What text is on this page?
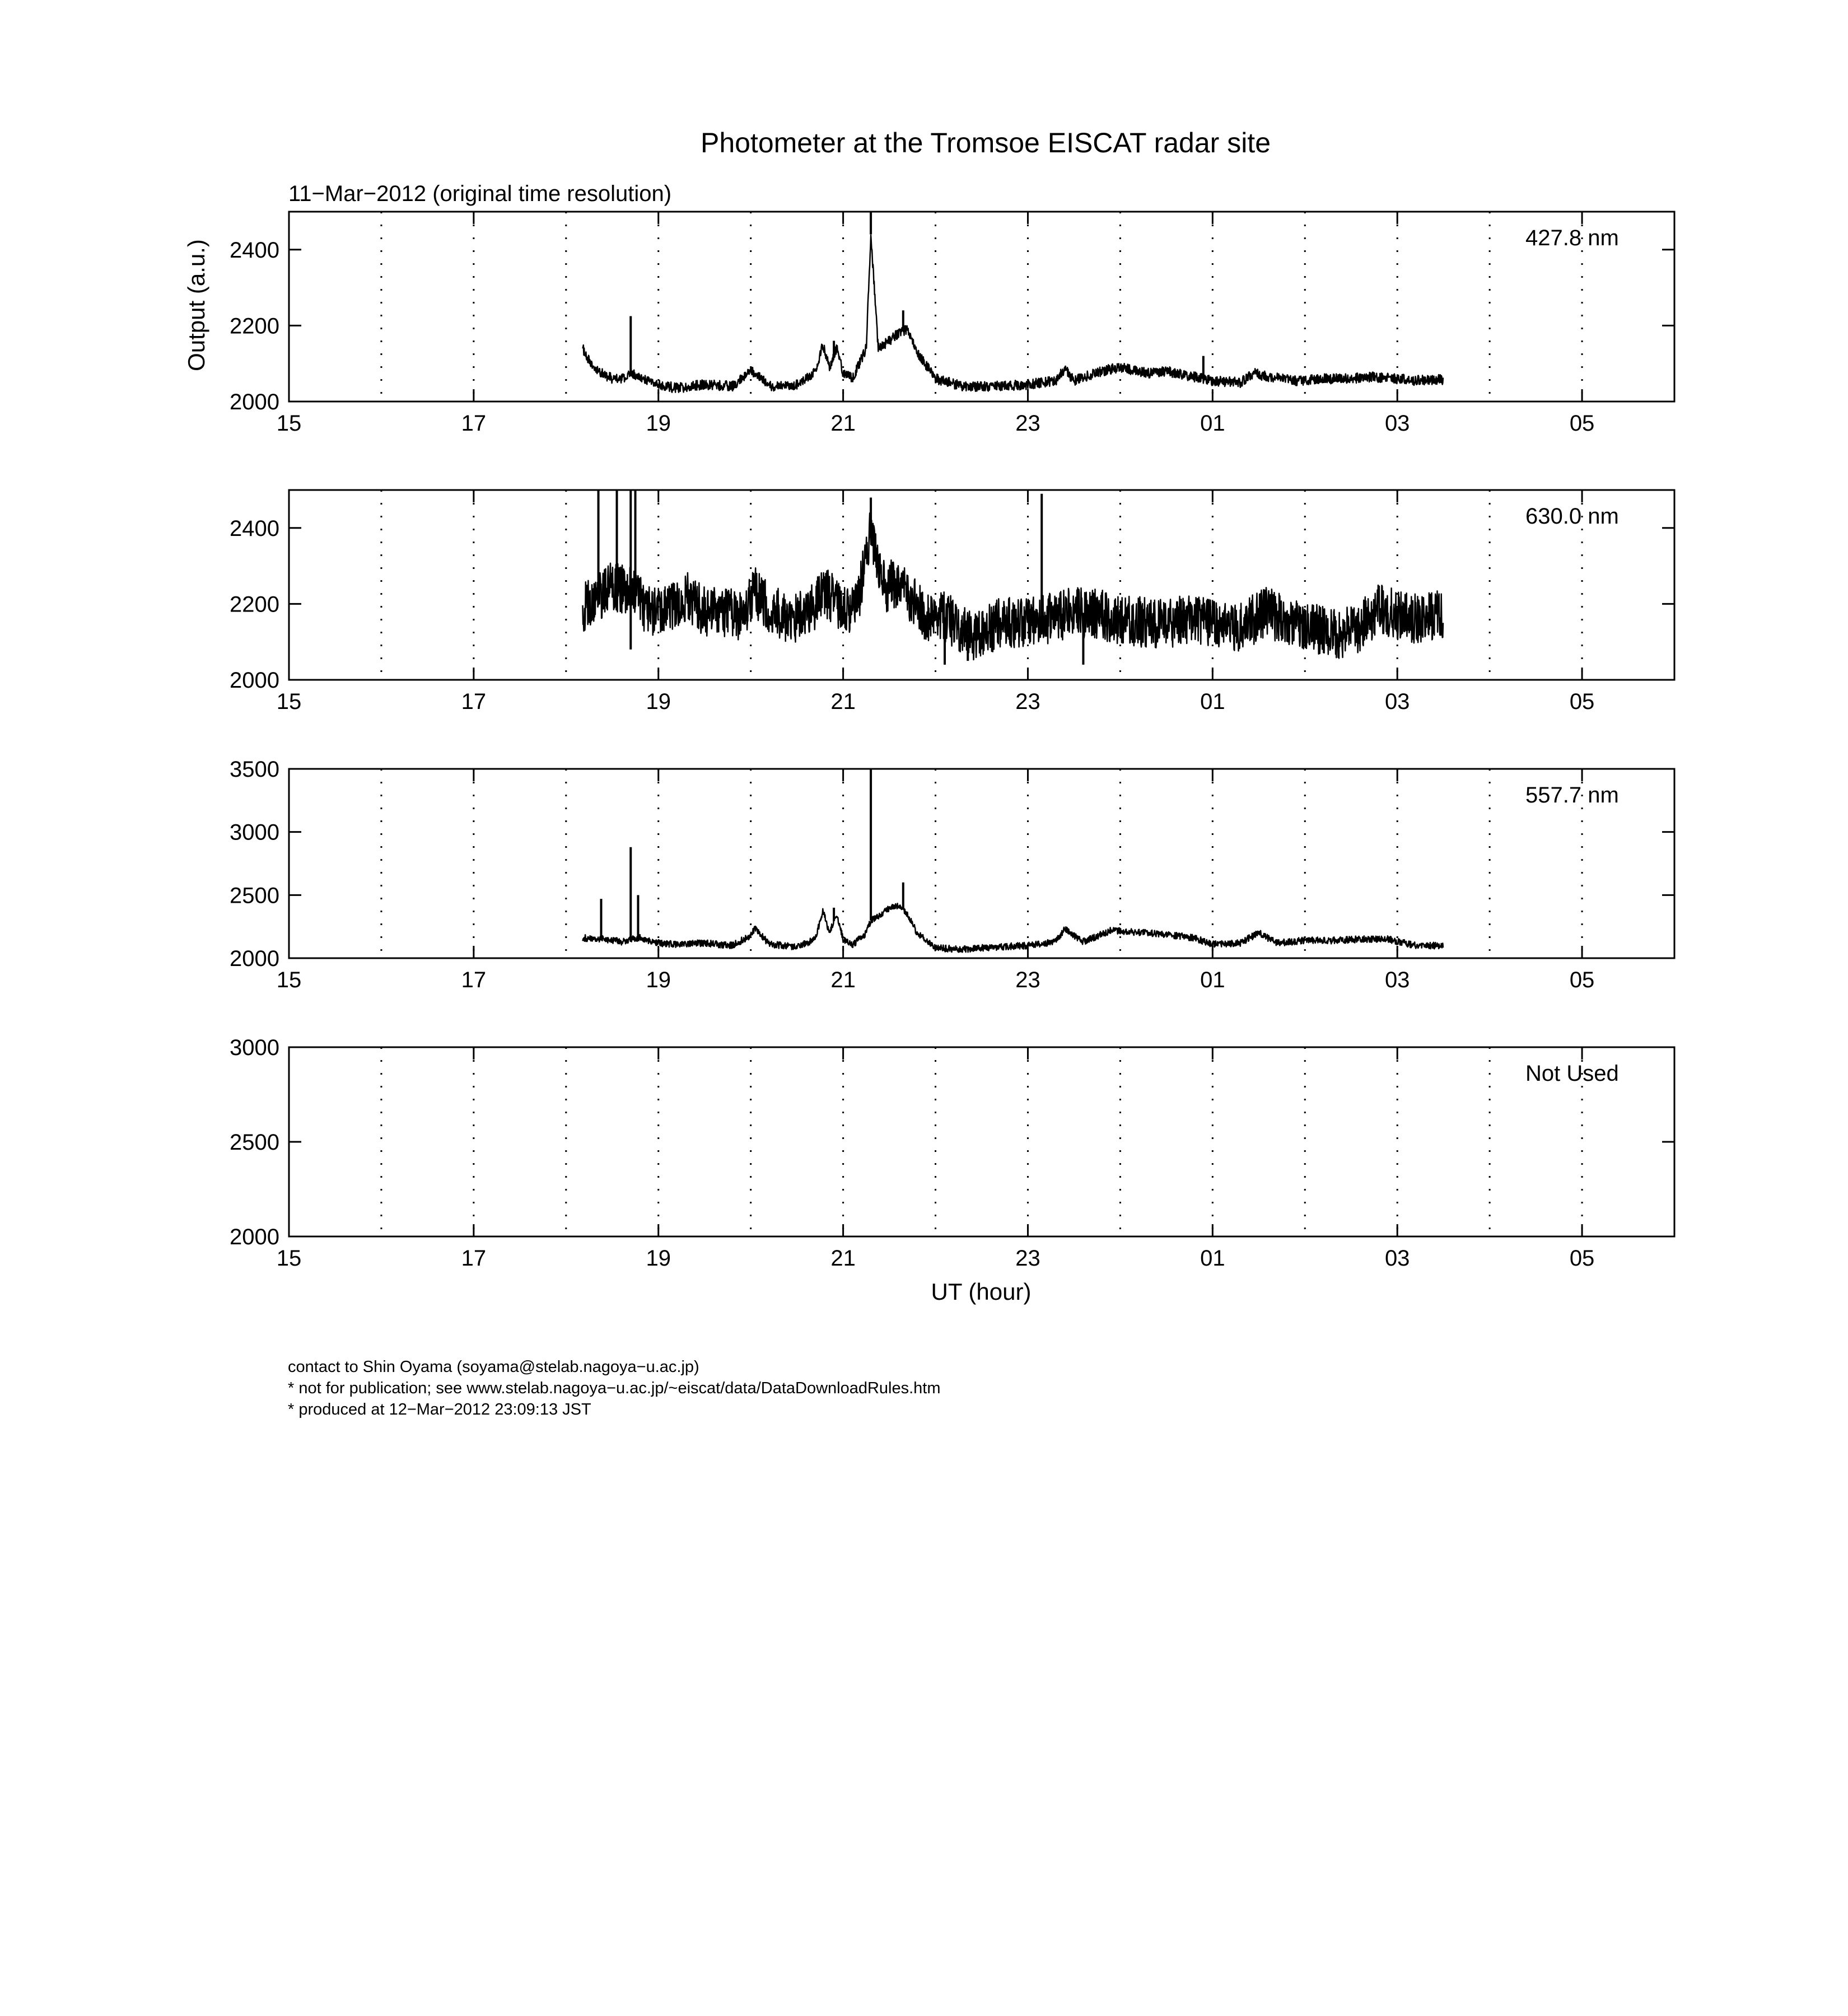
Photometer at the Tromsoe EISCAT radar site
11−Mar−2012 (original time resolution)
Output (a.u.)
UT (hour)
contact to Shin Oyama (soyama@stelab.nagoya−u.ac.jp)
* not for publication; see www.stelab.nagoya−u.ac.jp/~eiscat/data/DataDownloadRules.htm
* produced at 12−Mar−2012 23:09:13 JST
15	17	19	21	23	01	03	05
2000
2200
2400	427.8 nm
15	17	19	21	23	01	03	05
2000
2200
2400	630.0 nm
15	17	19	21	23	01	03	05
2000
2500
3000
3500
557.7 nm
15	17	19	21	23	01	03	05
2000
2500
3000
Not Used
